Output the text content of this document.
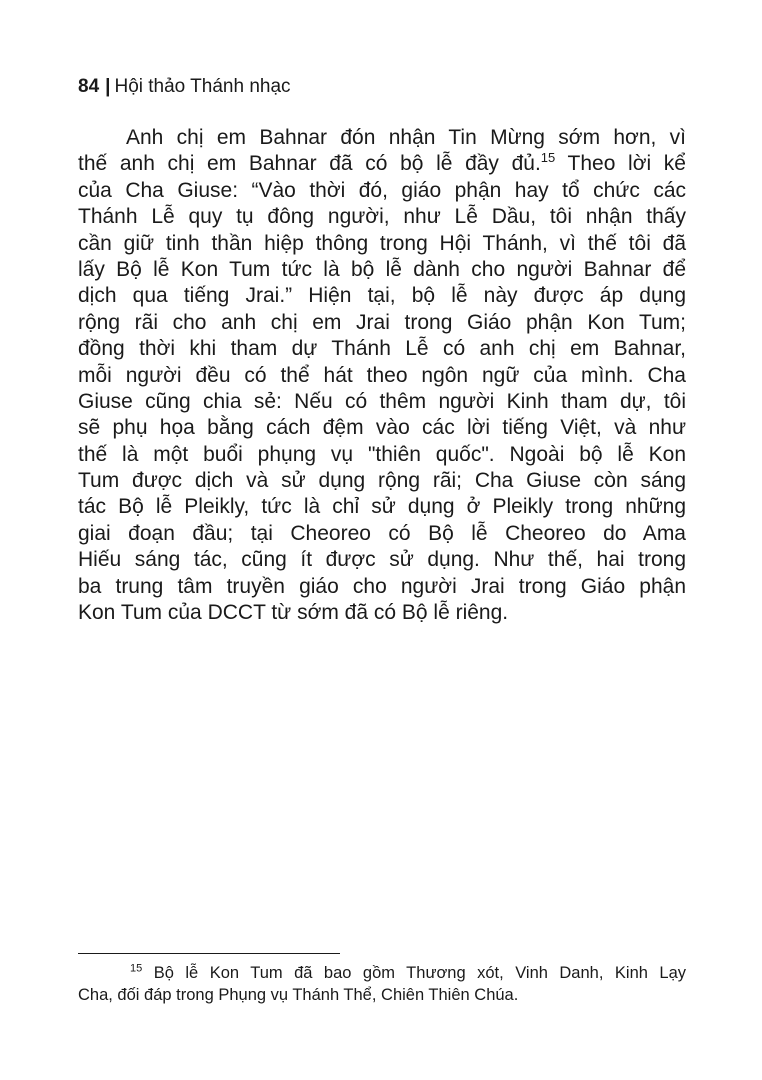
84 | Hội thảo Thánh nhạc
Anh chị em Bahnar đón nhận Tin Mừng sớm hơn, vì
thế anh chị em Bahnar đã có bộ lễ đầy đủ.$^{15}$ Theo lời kể
của Cha Giuse: “Vào thời đó, giáo phận hay tổ chức các
Thánh Lễ quy tụ đông người, như Lễ Dầu, tôi nhận thấy
cần giữ tinh thần hiệp thông trong Hội Thánh, vì thế tôi đã
lấy Bộ lễ Kon Tum tức là bộ lễ dành cho người Bahnar để
dịch qua tiếng Jrai.” Hiện tại, bộ lễ này được áp dụng
rộng rãi cho anh chị em Jrai trong Giáo phận Kon Tum;
đồng thời khi tham dự Thánh Lễ có anh chị em Bahnar,
mỗi người đều có thể hát theo ngôn ngữ của mình. Cha
Giuse cũng chia sẻ: Nếu có thêm người Kinh tham dự, tôi
sẽ phụ họa bằng cách đệm vào các lời tiếng Việt, và như
thế là một buổi phụng vụ "thiên quốc". Ngoài bộ lễ Kon
Tum được dịch và sử dụng rộng rãi; Cha Giuse còn sáng
tác Bộ lễ Pleikly, tức là chỉ sử dụng ở Pleikly trong những
giai đoạn đầu; tại Cheoreo có Bộ lễ Cheoreo do Ama
Hiếu sáng tác, cũng ít được sử dụng. Như thế, hai trong
ba trung tâm truyền giáo cho người Jrai trong Giáo phận
Kon Tum của DCCT từ sớm đã có Bộ lễ riêng.
$^{15}$ Bộ lễ Kon Tum đã bao gồm Thương xót, Vinh Danh, Kinh Lạy
Cha, đối đáp trong Phụng vụ Thánh Thể, Chiên Thiên Chúa.
